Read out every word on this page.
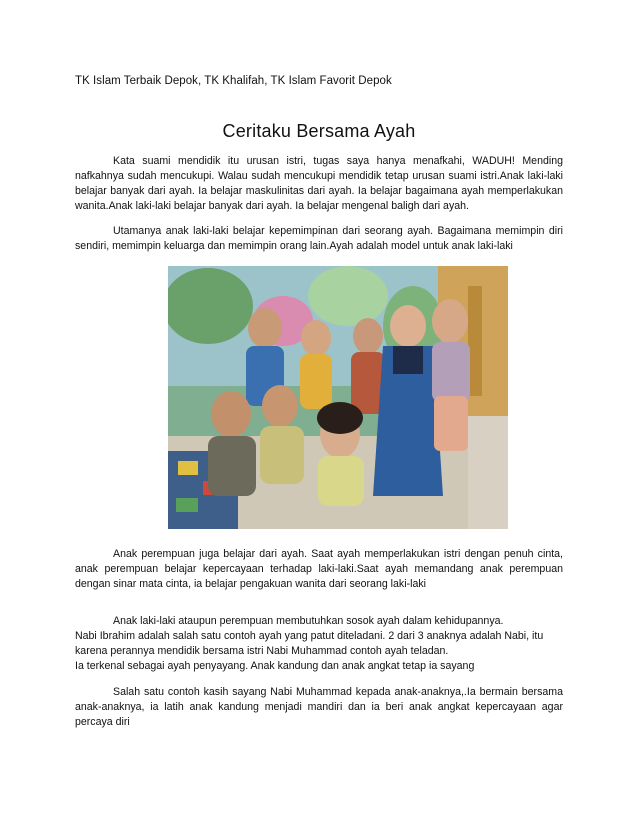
TK Islam Terbaik Depok, TK Khalifah, TK Islam Favorit Depok
Ceritaku Bersama Ayah

Kata suami mendidik itu urusan istri, tugas saya hanya menafkahi, WADUH! Mending nafkahnya sudah mencukupi. Walau sudah mencukupi mendidik tetap urusan suami istri.Anak laki-laki belajar banyak dari ayah. Ia belajar maskulinitas dari ayah. Ia belajar bagaimana ayah memperlakukan wanita.Anak laki-laki belajar banyak dari ayah. Ia belajar mengenal baligh dari ayah.

Utamanya anak laki-laki belajar kepemimpinan dari seorang ayah. Bagaimana memimpin diri sendiri, memimpin keluarga dan memimpin orang lain.Ayah adalah model untuk anak laki-laki

Anak perempuan juga belajar dari ayah. Saat ayah memperlakukan istri dengan penuh cinta, anak perempuan belajar kepercayaan terhadap laki-laki.Saat ayah memandang anak perempuan dengan sinar mata cinta, ia belajar pengakuan wanita dari seorang laki-laki

Anak laki-laki ataupun perempuan membutuhkan sosok ayah dalam kehidupannya.
Nabi Ibrahim adalah salah satu contoh ayah yang patut diteladani. 2 dari 3 anaknya adalah Nabi, itu karena perannya mendidik bersama istri Nabi Muhammad contoh ayah teladan.
Ia terkenal sebagai ayah penyayang. Anak kandung dan anak angkat tetap ia sayang

Salah satu contoh kasih sayang Nabi Muhammad kepada anak-anaknya,.Ia bermain bersama anak-anaknya, ia latih anak kandung menjadi mandiri dan ia beri anak angkat kepercayaan agar percaya diri
